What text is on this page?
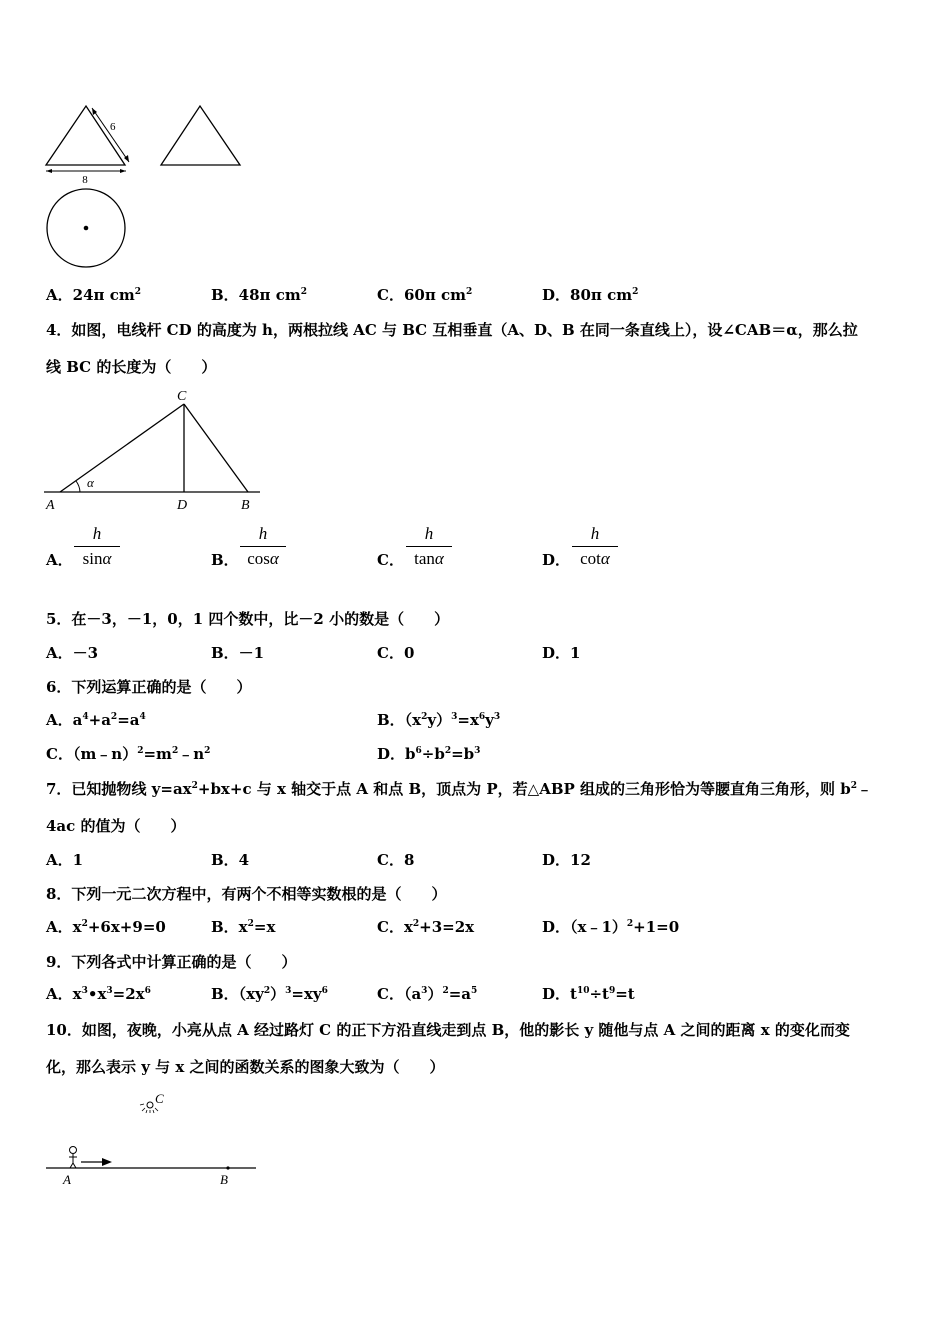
6
8
A．24π $cm^2$	B．48π $cm^2$	C．60π $cm^2$	D．80π $cm^2$
4．如图，电线杆 CD 的高度为 h，两根拉线 AC 与 BC 互相垂直（A、D、B 在同一条直线上），设∠CAB＝α，那么拉
线 BC 的长度为（　　）
C
A	D	B
α
A．
h
sinα	B．
h
cosα	C．
h
tanα	D．
h
cotα
5．在－3，－1，0，1 四个数中，比－2 小的数是（　　）
A．－3	B．－1	C．0	D．1
6．下列运算正确的是（　　）
A．$a^4+a^2=a^4$	B．$(x^2y)^3=x^6y^3$
C．$(m﹣n)^2=m^2﹣n^2$	D．$b^6\div b^2=b^3$
7．已知抛物线 $y=ax^2+bx+c$ 与 x 轴交于点 A 和点 B，顶点为 P，若△ABP 组成的三角形恰为等腰直角三角形，则 $b^2﹣$
4ac 的值为（　　）
A．1	B．4	C．8	D．12
8．下列一元二次方程中，有两个不相等实数根的是（　　）
A．$x^2+6x+9=0$	B．$x^2=x$	C．$x^2+3=2x$	D．（x﹣1）$^2$+1=0
9．下列各式中计算正确的是（　　）
A．$x^3•x^3=2x^6$	B．$(xy^2)^3=xy^6$	C．$(a^3)^2=a^5$	D．$t^{10}\div t^9=t$
10．如图，夜晚，小亮从点 A 经过路灯 C 的正下方沿直线走到点 B，他的影长 y 随他与点 A 之间的距离 x 的变化而变
化，那么表示 y 与 x 之间的函数关系的图象大致为（　　）
C
A	B
